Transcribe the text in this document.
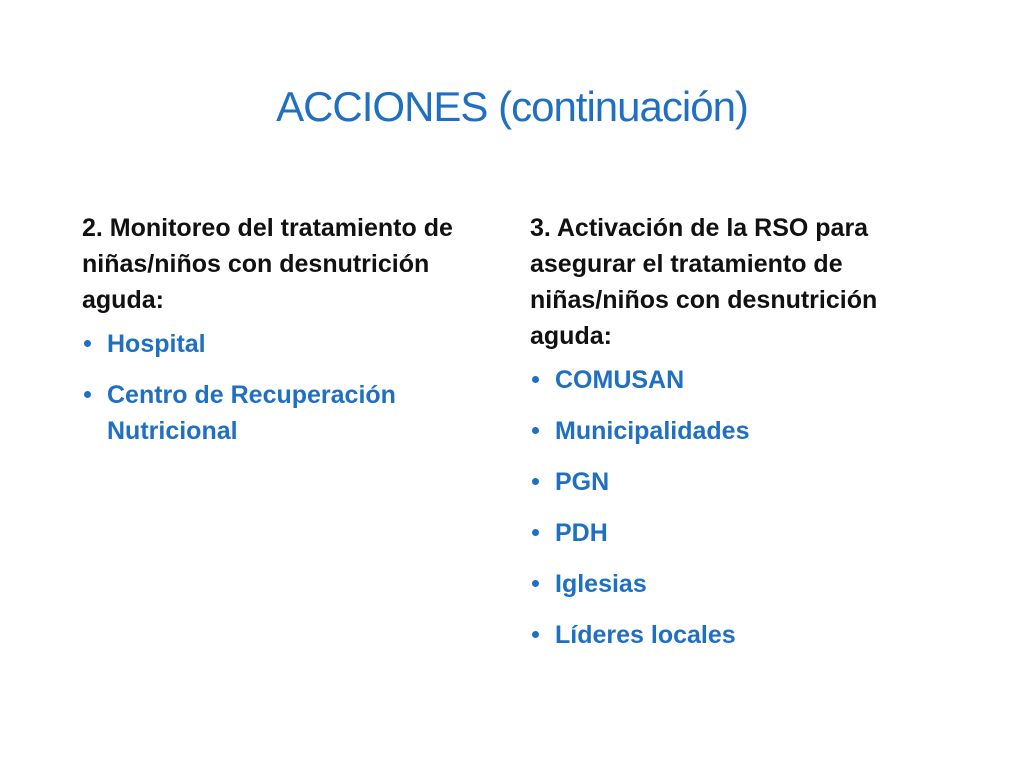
ACCIONES (continuación)

2. Monitoreo del tratamiento de niñas/niños con desnutrición aguda:

Hospital
Centro de Recuperación Nutricional

3. Activación de la RSO para asegurar el tratamiento de niñas/niños con desnutrición aguda:

COMUSAN
Municipalidades
PGN
PDH
Iglesias
Líderes locales
